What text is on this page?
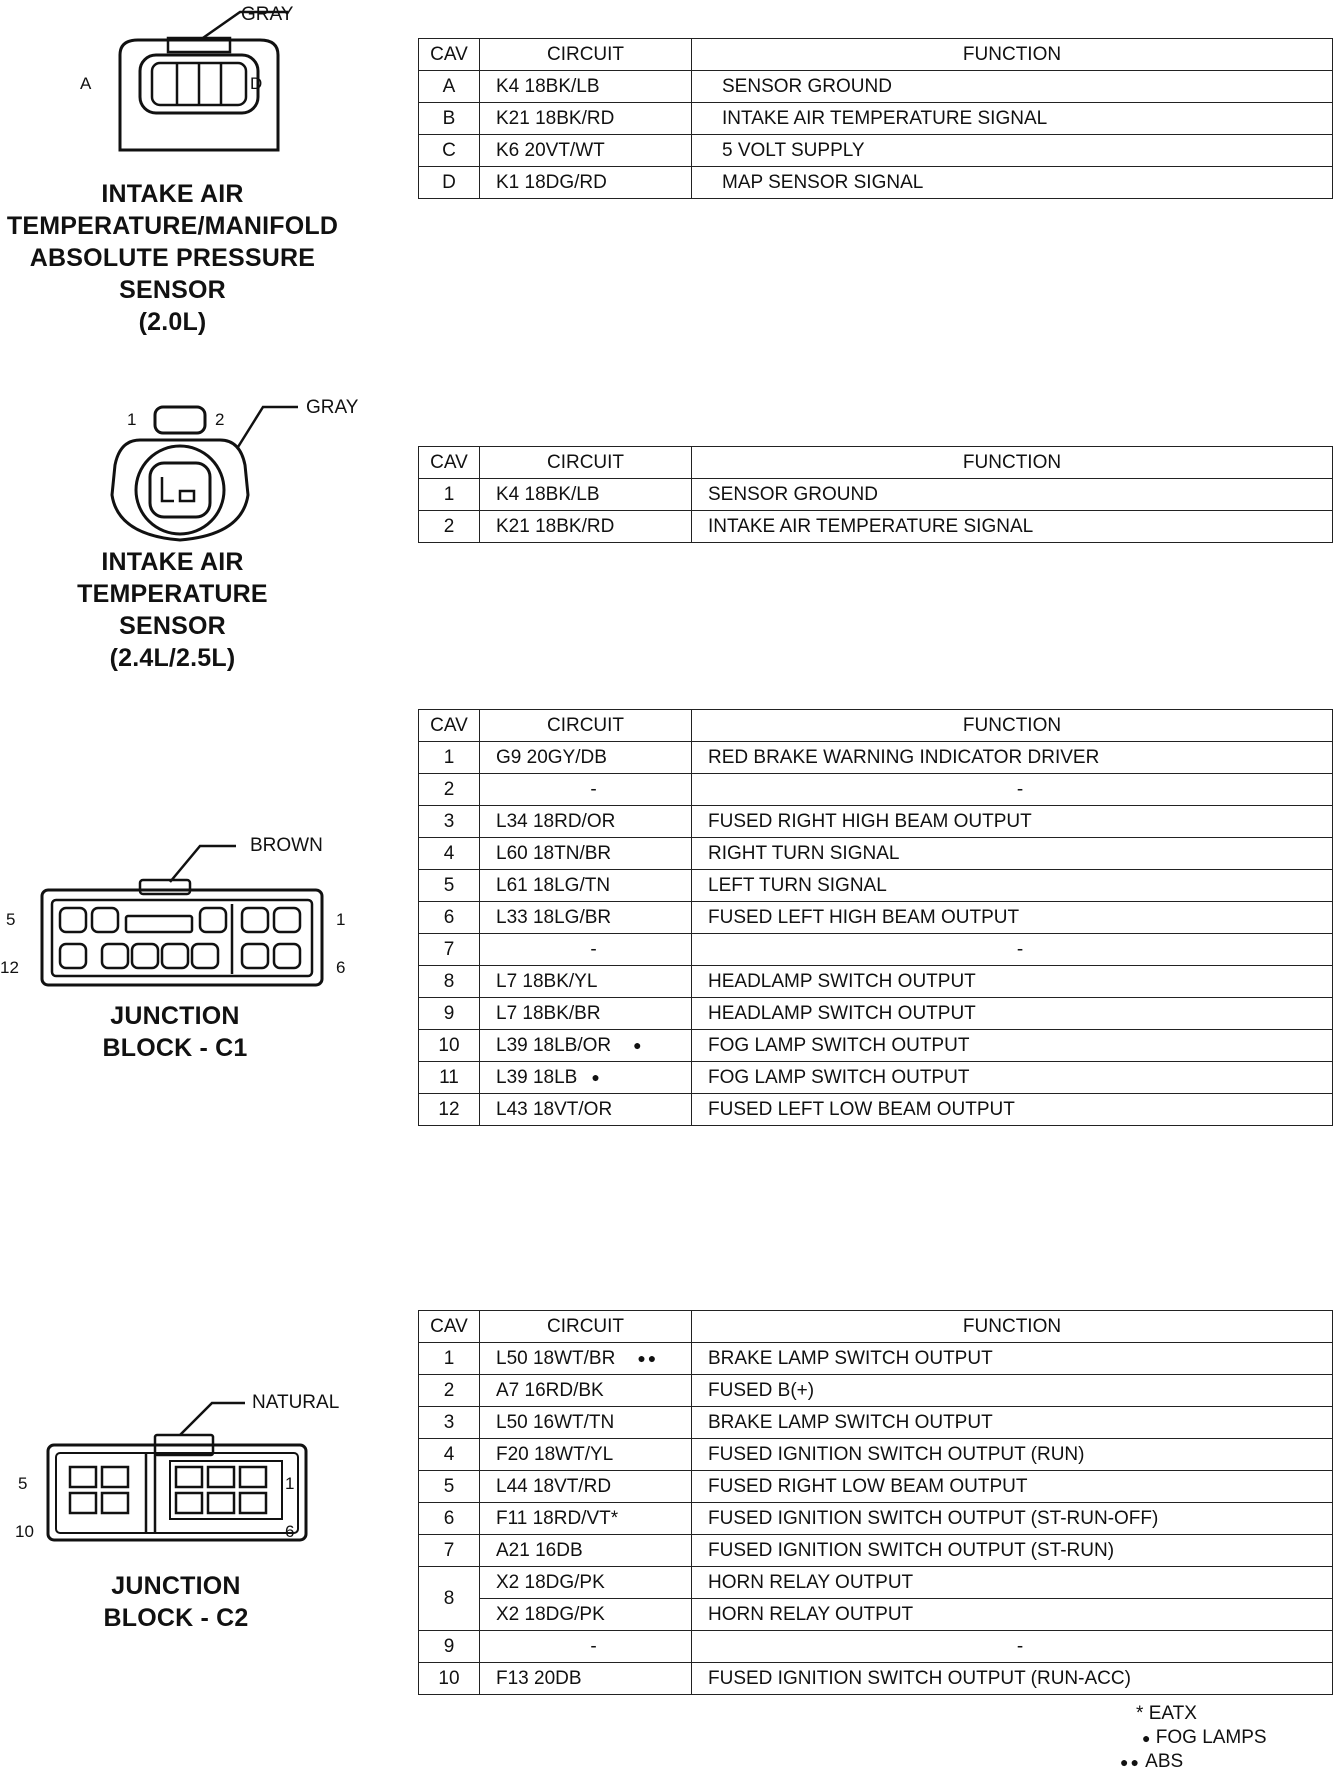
GRAY
A	D
INTAKE AIR
TEMPERATURE/MANIFOLD
ABSOLUTE PRESSURE
SENSOR
(2.0L)
CAV	CIRCUIT	FUNCTION
A	K4 18BK/LB	SENSOR GROUND
B	K21 18BK/RD	INTAKE AIR TEMPERATURE SIGNAL
C	K6 20VT/WT	5 VOLT SUPPLY
D	K1 18DG/RD	MAP SENSOR SIGNAL
GRAY
1	2
INTAKE AIR
TEMPERATURE
SENSOR
(2.4L/2.5L)
CAV	CIRCUIT	FUNCTION
1	K4 18BK/LB	SENSOR GROUND
2	K21 18BK/RD	INTAKE AIR TEMPERATURE SIGNAL
BROWN
5	1
12	6
JUNCTION
BLOCK - C1
CAV	CIRCUIT	FUNCTION
1	G9 20GY/DB	RED BRAKE WARNING INDICATOR DRIVER
2	-	-
3	L34 18RD/OR	FUSED RIGHT HIGH BEAM OUTPUT
4	L60 18TN/BR	RIGHT TURN SIGNAL
5	L61 18LG/TN	LEFT TURN SIGNAL
6	L33 18LG/BR	FUSED LEFT HIGH BEAM OUTPUT
7	-	-
8	L7 18BK/YL	HEADLAMP SWITCH OUTPUT
9	L7 18BK/BR	HEADLAMP SWITCH OUTPUT
10	L39 18LB/OR ●	FOG LAMP SWITCH OUTPUT
11	L39 18LB ●	FOG LAMP SWITCH OUTPUT
12	L43 18VT/OR	FUSED LEFT LOW BEAM OUTPUT
NATURAL
5	1
10	6
JUNCTION
BLOCK - C2
CAV	CIRCUIT	FUNCTION
1	L50 18WT/BR ●●	BRAKE LAMP SWITCH OUTPUT
2	A7 16RD/BK	FUSED B(+)
3	L50 16WT/TN	BRAKE LAMP SWITCH OUTPUT
4	F20 18WT/YL	FUSED IGNITION SWITCH OUTPUT (RUN)
5	L44 18VT/RD	FUSED RIGHT LOW BEAM OUTPUT
6	F11 18RD/VT*	FUSED IGNITION SWITCH OUTPUT (ST-RUN-OFF)
7	A21 16DB	FUSED IGNITION SWITCH OUTPUT (ST-RUN)
8	X2 18DG/PK	HORN RELAY OUTPUT
	X2 18DG/PK	HORN RELAY OUTPUT
9	-	-
10	F13 20DB	FUSED IGNITION SWITCH OUTPUT (RUN-ACC)
* EATX
● FOG LAMPS
●● ABS
